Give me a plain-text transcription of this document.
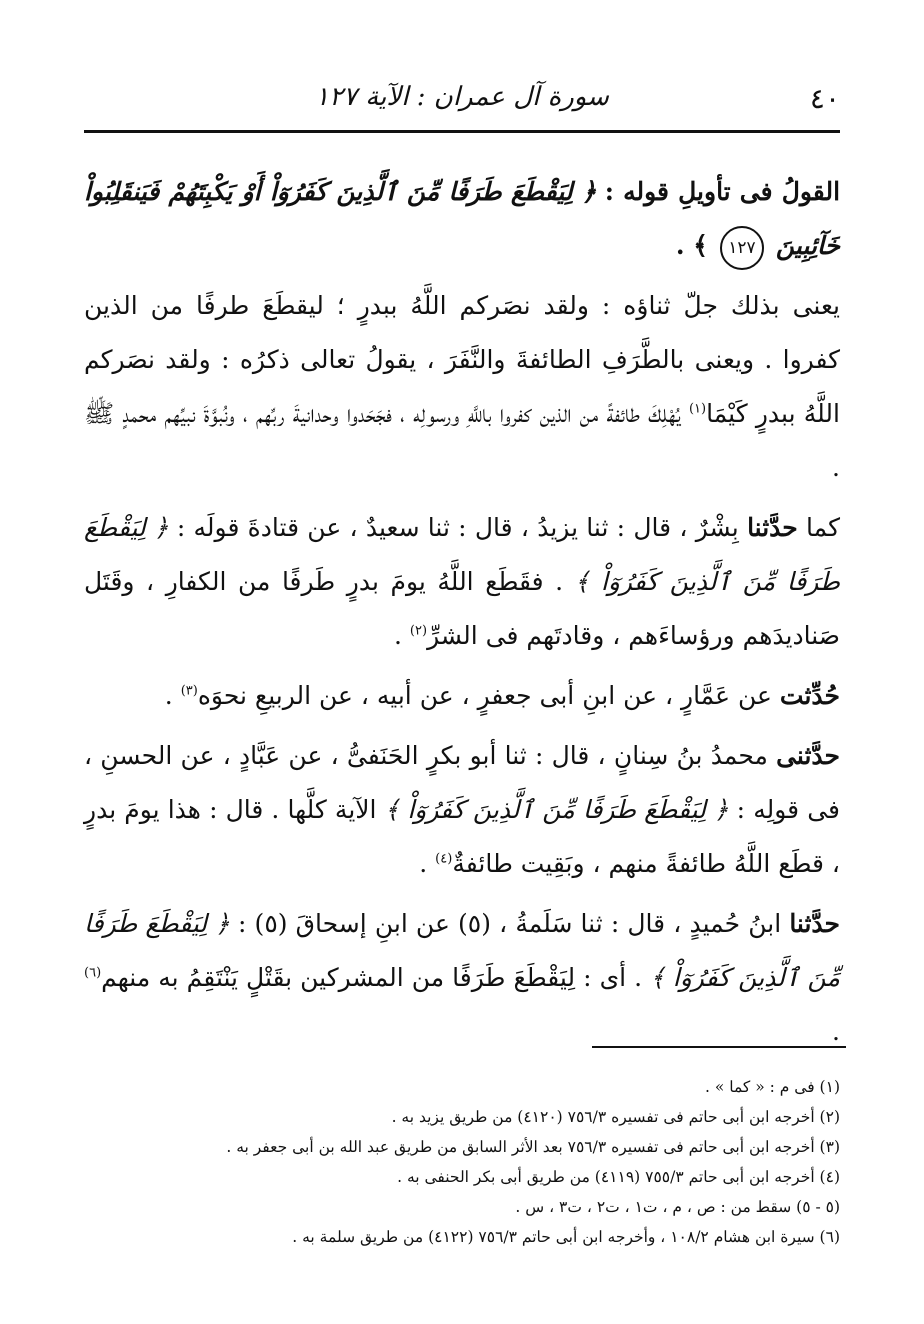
٤٠
سورة آل عمران : الآية ١٢٧

القولُ فى تأويلِ قوله : ﴿ لِيَقْطَعَ طَرَفًا مِّنَ ٱلَّذِينَ كَفَرُوٓاْ أَوْ يَكْبِتَهُمْ فَيَنقَلِبُواْ خَآئِبِينَ ١٢٧ ﴾ .

يعنى بذلك جلّ ثناؤه : ولقد نصَركم اللَّهُ ببدرٍ ؛ ليقطَعَ طرفًا من الذين كفروا . ويعنى بالطَّرَفِ الطائفةَ والنَّفَرَ ، يقولُ تعالى ذكرُه : ولقد نصَركم اللَّهُ ببدرٍ كَيْمَا$^{(١)}$ يُهْلِكَ طائفةً من الذين كفروا باللَّهِ ورسولِه ، فجَحَدوا وحدانيةَ ربِّهم ، ونُبوَّةَ نبيِّهم محمدٍ ﷺ .

كما حدَّثنا بِشْرٌ ، قال : ثنا يزيدُ ، قال : ثنا سعيدٌ ، عن قتادةَ قولَه : ﴿ لِيَقْطَعَ طَرَفًا مِّنَ ٱلَّذِينَ كَفَرُوٓاْ ﴾ . فقَطَع اللَّهُ يومَ بدرٍ طَرفًا من الكفارِ ، وقَتَل صَناديدَهم ورؤساءَهم ، وقادتَهم فى الشرِّ$^{(٢)}$ .

حُدِّثت عن عَمَّارٍ ، عن ابنِ أبى جعفرٍ ، عن أبيه ، عن الربيعِ نحوَه$^{(٣)}$ .

حدَّثنى محمدُ بنُ سِنانٍ ، قال : ثنا أبو بكرٍ الحَنَفىُّ ، عن عَبَّادٍ ، عن الحسنِ ، فى قولِه : ﴿ لِيَقْطَعَ طَرَفًا مِّنَ ٱلَّذِينَ كَفَرُوٓاْ ﴾ الآية كلَّها . قال : هذا يومَ بدرٍ ، قطَع اللَّهُ طائفةً منهم ، وبَقِيت طائفةٌ$^{(٤)}$ .

حدَّثنا ابنُ حُميدٍ ، قال : ثنا سَلَمةُ ، (٥) عن ابنِ إسحاقَ (٥) : ﴿ لِيَقْطَعَ طَرَفًا مِّنَ ٱلَّذِينَ كَفَرُوٓاْ ﴾ . أى : لِيَقْطَعَ طَرَفًا من المشركين بقَتْلٍ يَنْتَقِمُ به منهم$^{(٦)}$ .

(١) فى م : « كما » .

(٢) أخرجه ابن أبى حاتم فى تفسيره ٧٥٦/٣ (٤١٢٠) من طريق يزيد به .

(٣) أخرجه ابن أبى حاتم فى تفسيره ٧٥٦/٣ بعد الأثر السابق من طريق عبد الله بن أبى جعفر به .

(٤) أخرجه ابن أبى حاتم ٧٥٥/٣ (٤١١٩) من طريق أبى بكر الحنفى به .

(٥ - ٥) سقط من : ص ، م ، ت١ ، ت٢ ، ت٣ ، س .

(٦) سيرة ابن هشام ١٠٨/٢ ، وأخرجه ابن أبى حاتم ٧٥٦/٣ (٤١٢٢) من طريق سلمة به .
